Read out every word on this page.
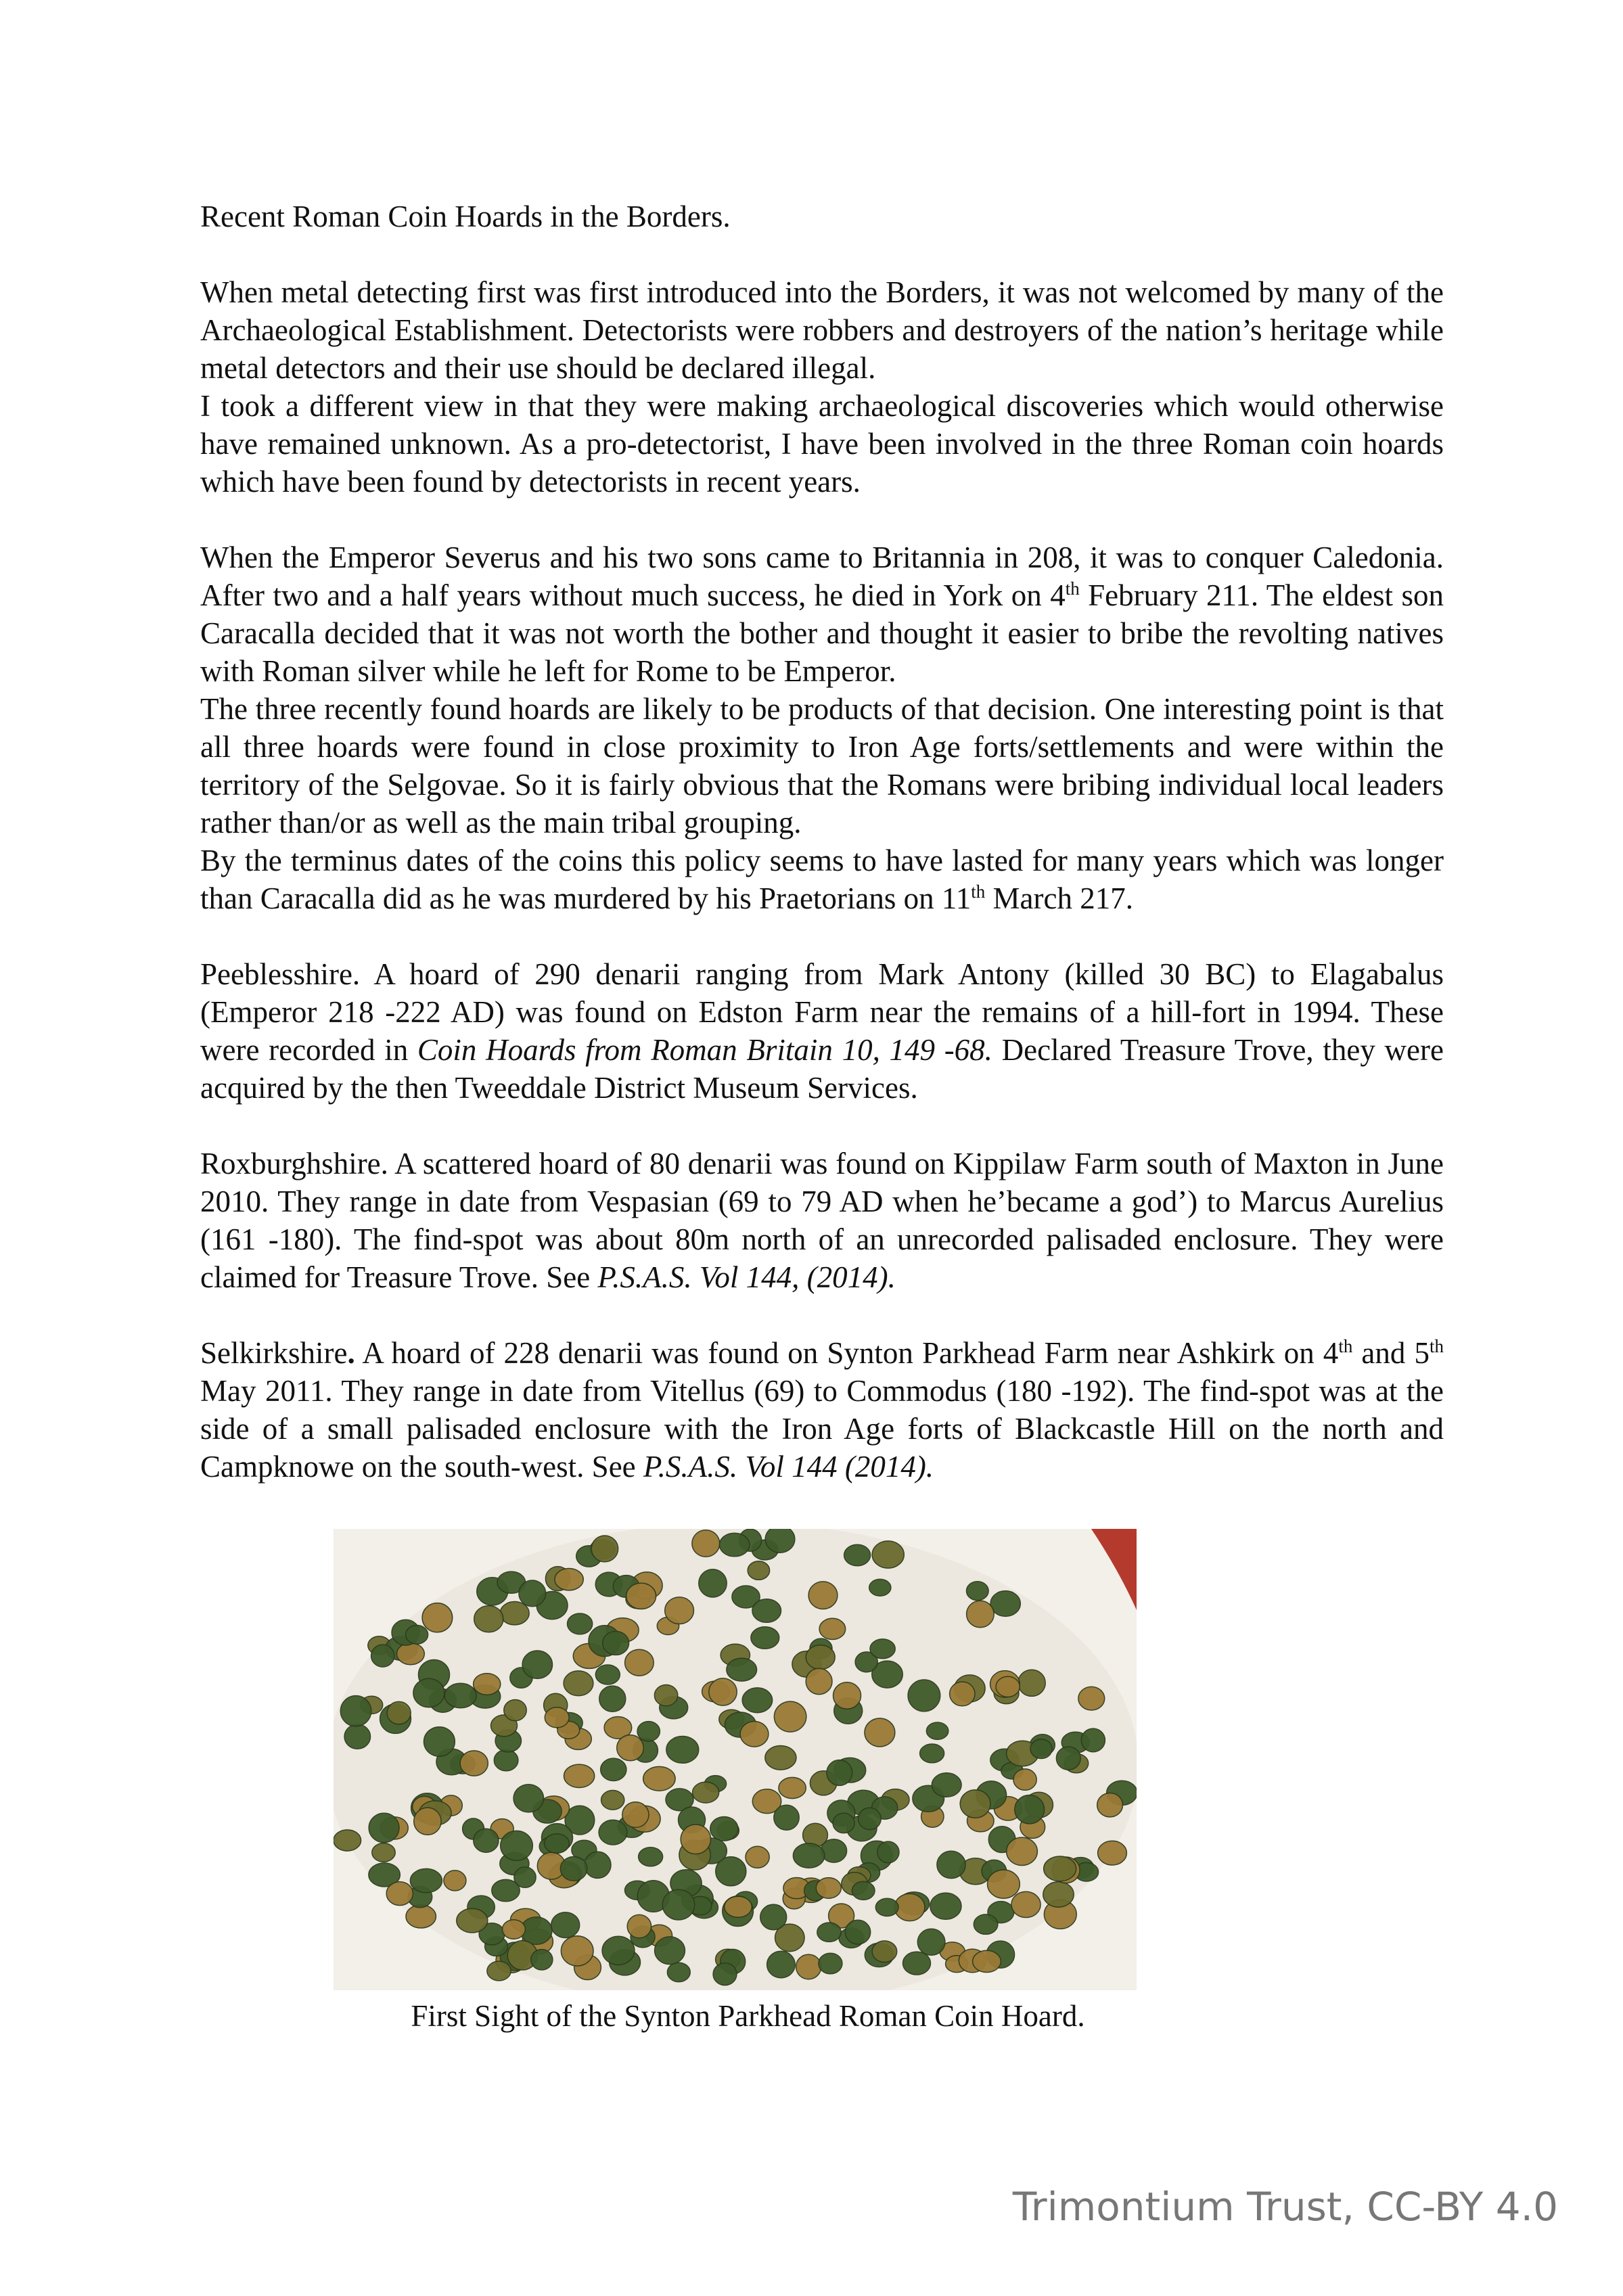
Recent Roman Coin Hoards in the Borders.

When metal detecting first was first introduced into the Borders, it was not welcomed by many of the Archaeological Establishment. Detectorists were robbers and destroyers of the nation’s heritage while metal detectors and their use should be declared illegal.

I took a different view in that they were making archaeological discoveries which would otherwise have remained unknown. As a pro-detectorist, I have been involved in the three Roman coin hoards which have been found by detectorists in recent years.

When the Emperor Severus and his two sons came to Britannia in 208, it was to conquer Caledonia. After two and a half years without much success, he died in York on 4th February 211. The eldest son Caracalla decided that it was not worth the bother and thought it easier to bribe the revolting natives with Roman silver while he left for Rome to be Emperor.

The three recently found hoards are likely to be products of that decision. One interesting point is that all three hoards were found in close proximity to Iron Age forts/settlements and were within the territory of the Selgovae. So it is fairly obvious that the Romans were bribing individual local leaders rather than/or as well as the main tribal grouping.

By the terminus dates of the coins this policy seems to have lasted for many years which was longer than Caracalla did as he was murdered by his Praetorians on 11th March 217.

Peeblesshire. A hoard of 290 denarii ranging from Mark Antony (killed 30 BC) to Elagabalus (Emperor 218 -222 AD) was found on Edston Farm near the remains of a hill-fort in 1994. These were recorded in Coin Hoards from Roman Britain 10, 149 -68. Declared Treasure Trove, they were acquired by the then Tweeddale District Museum Services.

Roxburghshire. A scattered hoard of 80 denarii was found on Kippilaw Farm south of Maxton in June 2010. They range in date from Vespasian (69 to 79 AD when he’became a god’) to Marcus Aurelius (161 -180). The find-spot was about 80m north of an unrecorded palisaded enclosure. They were claimed for Treasure Trove. See P.S.A.S. Vol 144, (2014).

Selkirkshire. A hoard of 228 denarii was found on Synton Parkhead Farm near Ashkirk on 4th and 5th May 2011. They range in date from Vitellus (69) to Commodus (180 -192). The find-spot was at the side of a small palisaded enclosure with the Iron Age forts of Blackcastle Hill on the north and Campknowe on the south-west. See P.S.A.S. Vol 144 (2014).

First Sight of the Synton Parkhead Roman Coin Hoard.
Trimontium Trust, CC-BY 4.0
